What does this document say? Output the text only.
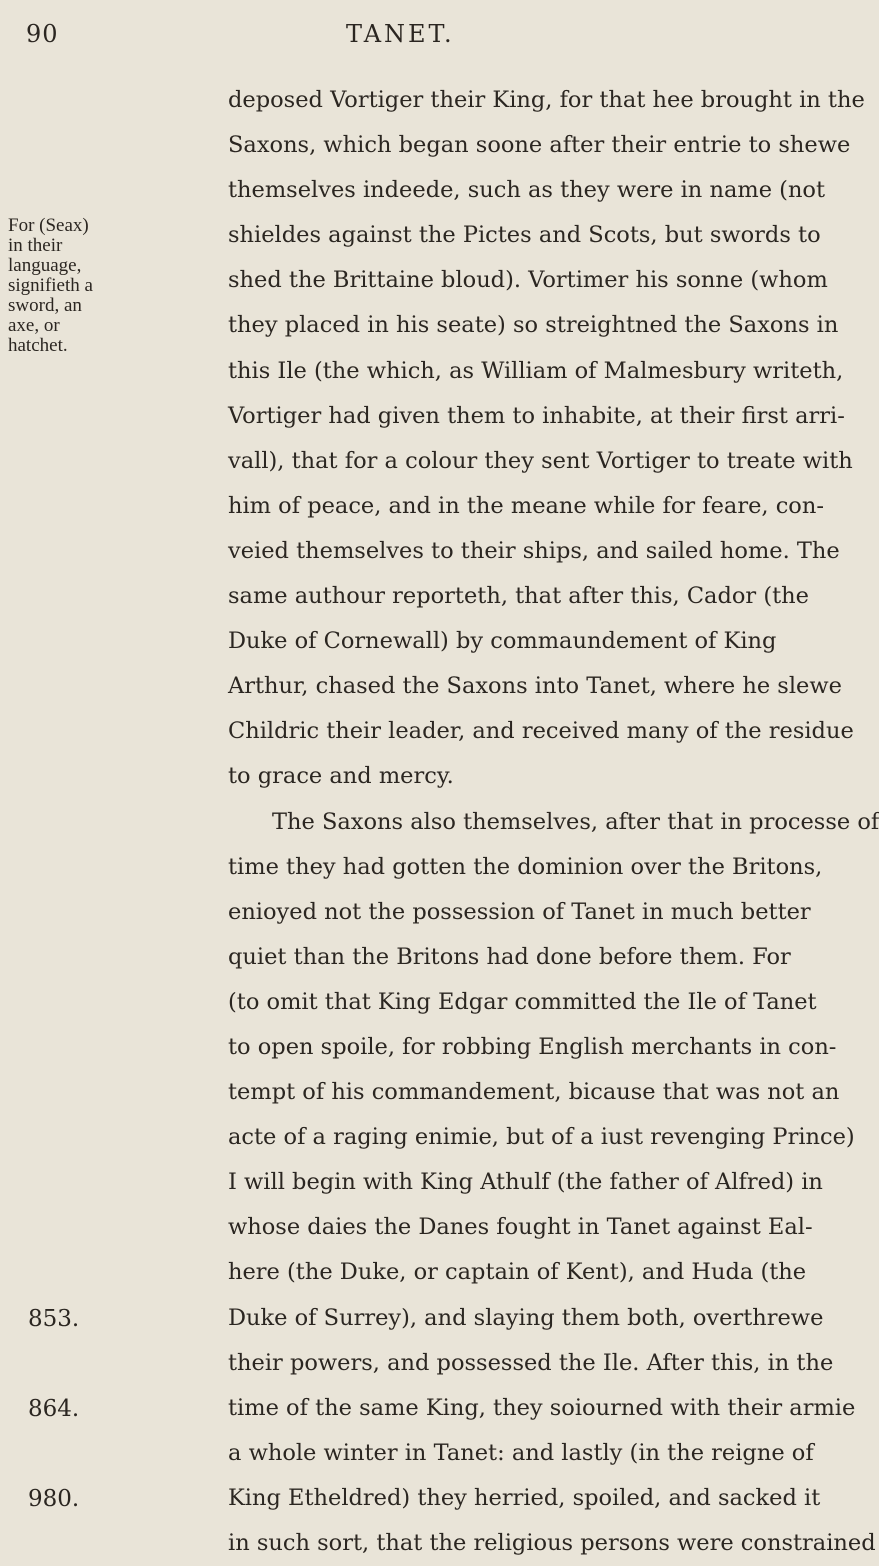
90	TANET.
For (Seax)
in their
language,
signifieth a
sword, an
axe, or
hatchet.
deposed Vortiger their King, for that hee brought in the
Saxons, which began soone after their entrie to shewe
themselves indeede, such as they were in name (not
shieldes against the Pictes and Scots, but swords to
shed the Brittaine bloud). Vortimer his sonne (whom
they placed in his seate) so streightned the Saxons in
this Ile (the which, as William of Malmesbury writeth,
Vortiger had given them to inhabite, at their first arri-
vall), that for a colour they sent Vortiger to treate with
him of peace, and in the meane while for feare, con-
veied themselves to their ships, and sailed home. The
same authour reporteth, that after this, Cador (the
Duke of Cornewall) by commaundement of King
Arthur, chased the Saxons into Tanet, where he slewe
Childric their leader, and received many of the residue
to grace and mercy.
The Saxons also themselves, after that in processe of
time they had gotten the dominion over the Britons,
enioyed not the possession of Tanet in much better
quiet than the Britons had done before them. For
(to omit that King Edgar committed the Ile of Tanet
to open spoile, for robbing English merchants in con-
tempt of his commandement, bicause that was not an
acte of a raging enimie, but of a iust revenging Prince)
I will begin with King Athulf (the father of Alfred) in
whose daies the Danes fought in Tanet against Eal-
here (the Duke, or captain of Kent), and Huda (the
Duke of Surrey), and slaying them both, overthrewe
their powers, and possessed the Ile. After this, in the
time of the same King, they soiourned with their armie
a whole winter in Tanet: and lastly (in the reigne of
King Etheldred) they herried, spoiled, and sacked it
in such sort, that the religious persons were constrained
853.
864.
980.
